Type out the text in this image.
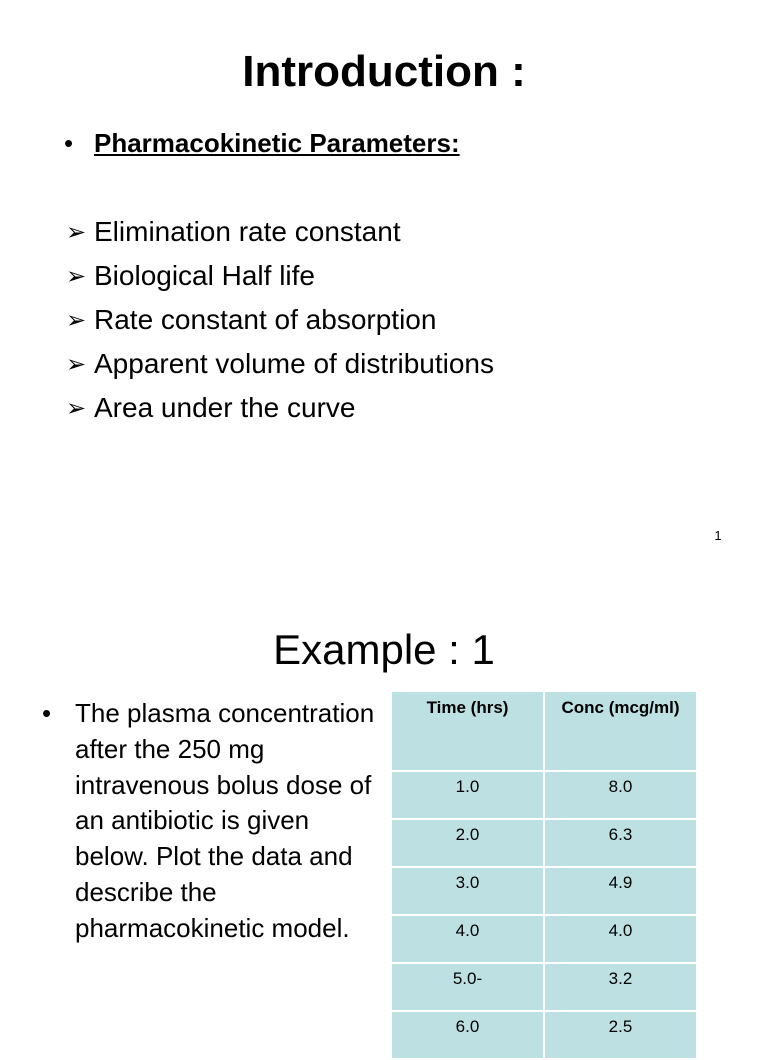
Introduction :
• Pharmacokinetic Parameters:
➢ Elimination rate constant
➢ Biological Half life
➢ Rate constant of absorption
➢ Apparent volume of distributions
➢ Area under the curve
1
Example : 1
• The plasma concentration after the 250 mg intravenous bolus dose of an antibiotic is given below. Plot the data and describe the pharmacokinetic model.
Time (hrs)	Conc (mcg/ml)
1.0	8.0
2.0	6.3
3.0	4.9
4.0	4.0
5.0-	3.2
6.0	2.5
